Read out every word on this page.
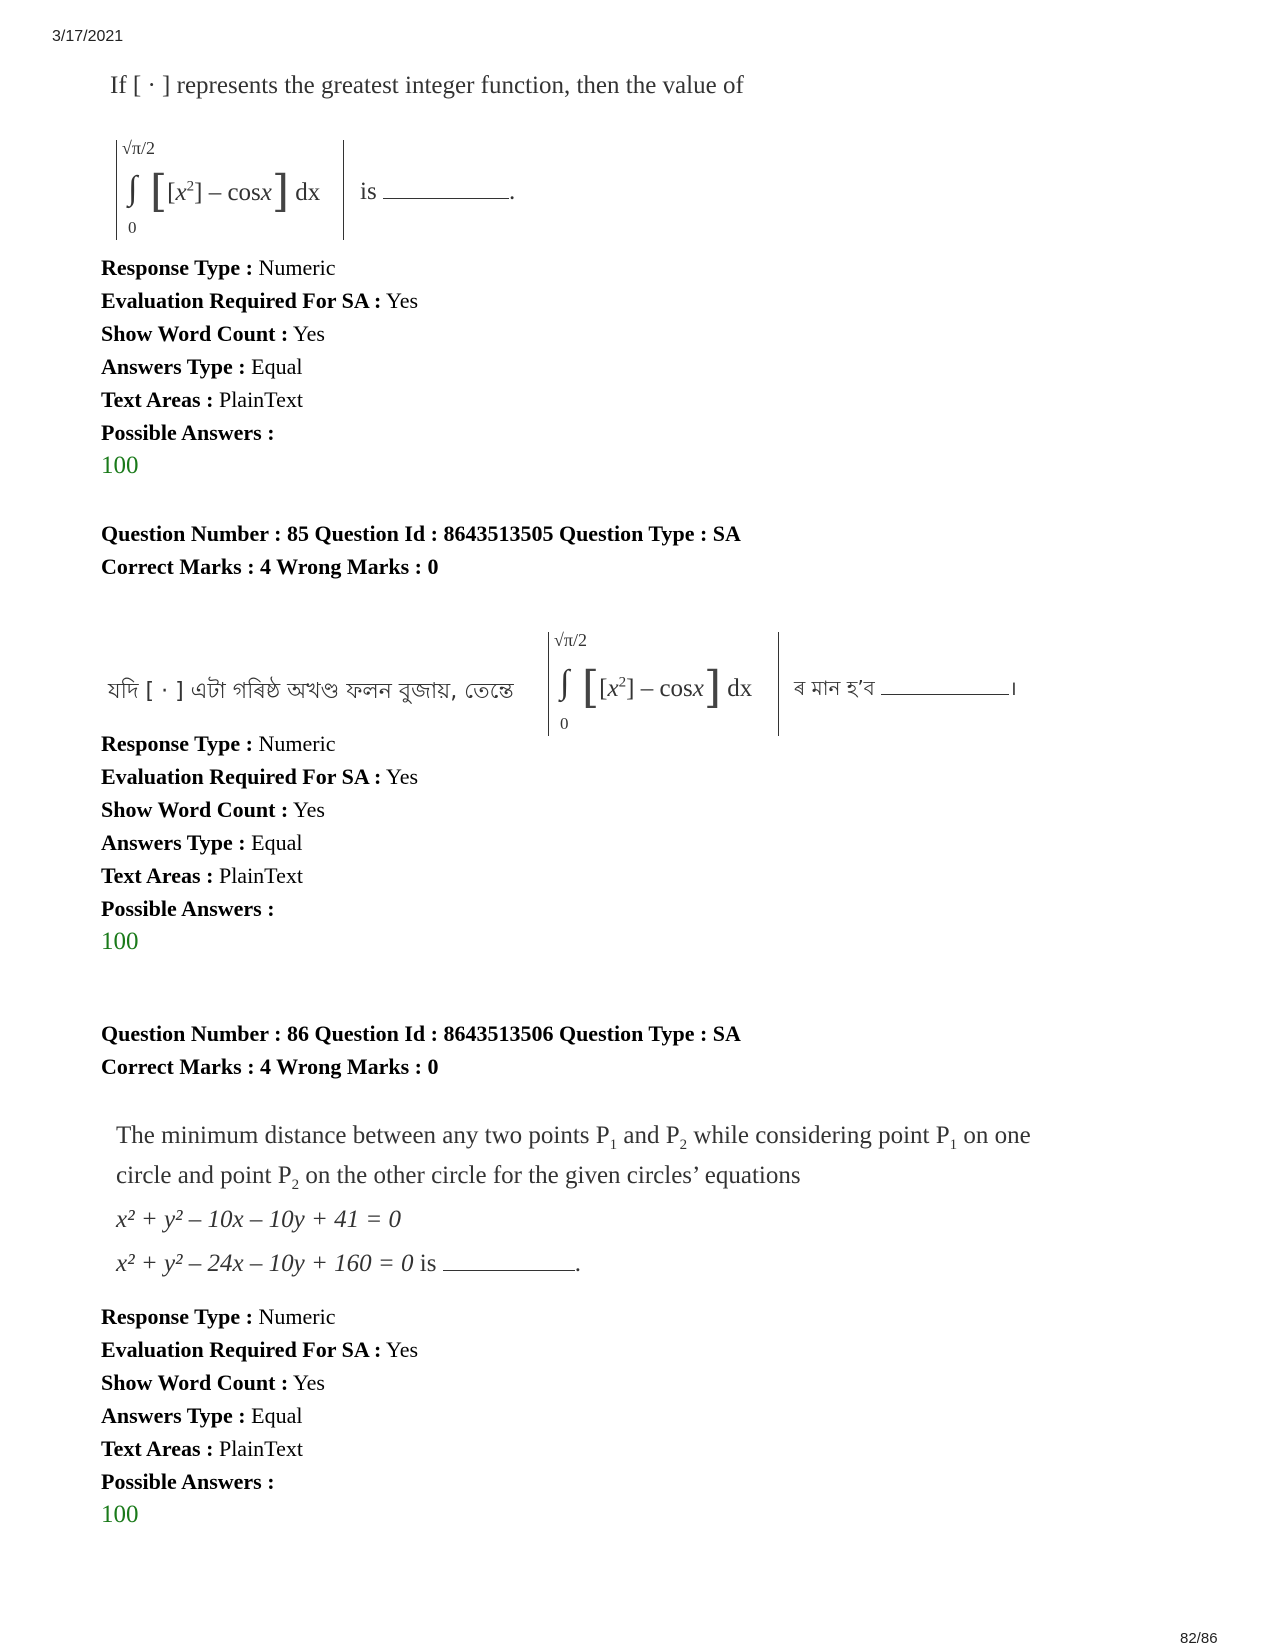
3/17/2021
If [ · ] represents the greatest integer function, then the value of
√π/2
∫
0
$[[x^2] - \cos x]$ dx is	.
Response Type : Numeric
Evaluation Required For SA : Yes
Show Word Count : Yes
Answers Type : Equal
Text Areas : PlainText
Possible Answers :
100
Question Number : 85 Question Id : 8643513505 Question Type : SA
Correct Marks : 4 Wrong Marks : 0
যদি [ · ] এটা গৰিষ্ঠ অখণ্ড ফলন বুজায়, তেন্তে
√π/2
∫
0
$[[x^2] - \cos x]$ dx ৰ মান হ’ব	।
Response Type : Numeric
Evaluation Required For SA : Yes
Show Word Count : Yes
Answers Type : Equal
Text Areas : PlainText
Possible Answers :
100
Question Number : 86 Question Id : 8643513506 Question Type : SA
Correct Marks : 4 Wrong Marks : 0
The minimum distance between any two points $P_1$ and $P_2$ while considering point $P_1$ on one
circle and point $P_2$ on the other circle for the given circles’ equations
x² + y² – 10x – 10y + 41 = 0
x² + y² – 24x – 10y + 160 = 0 is	.
Response Type : Numeric
Evaluation Required For SA : Yes
Show Word Count : Yes
Answers Type : Equal
Text Areas : PlainText
Possible Answers :
100
82/86
